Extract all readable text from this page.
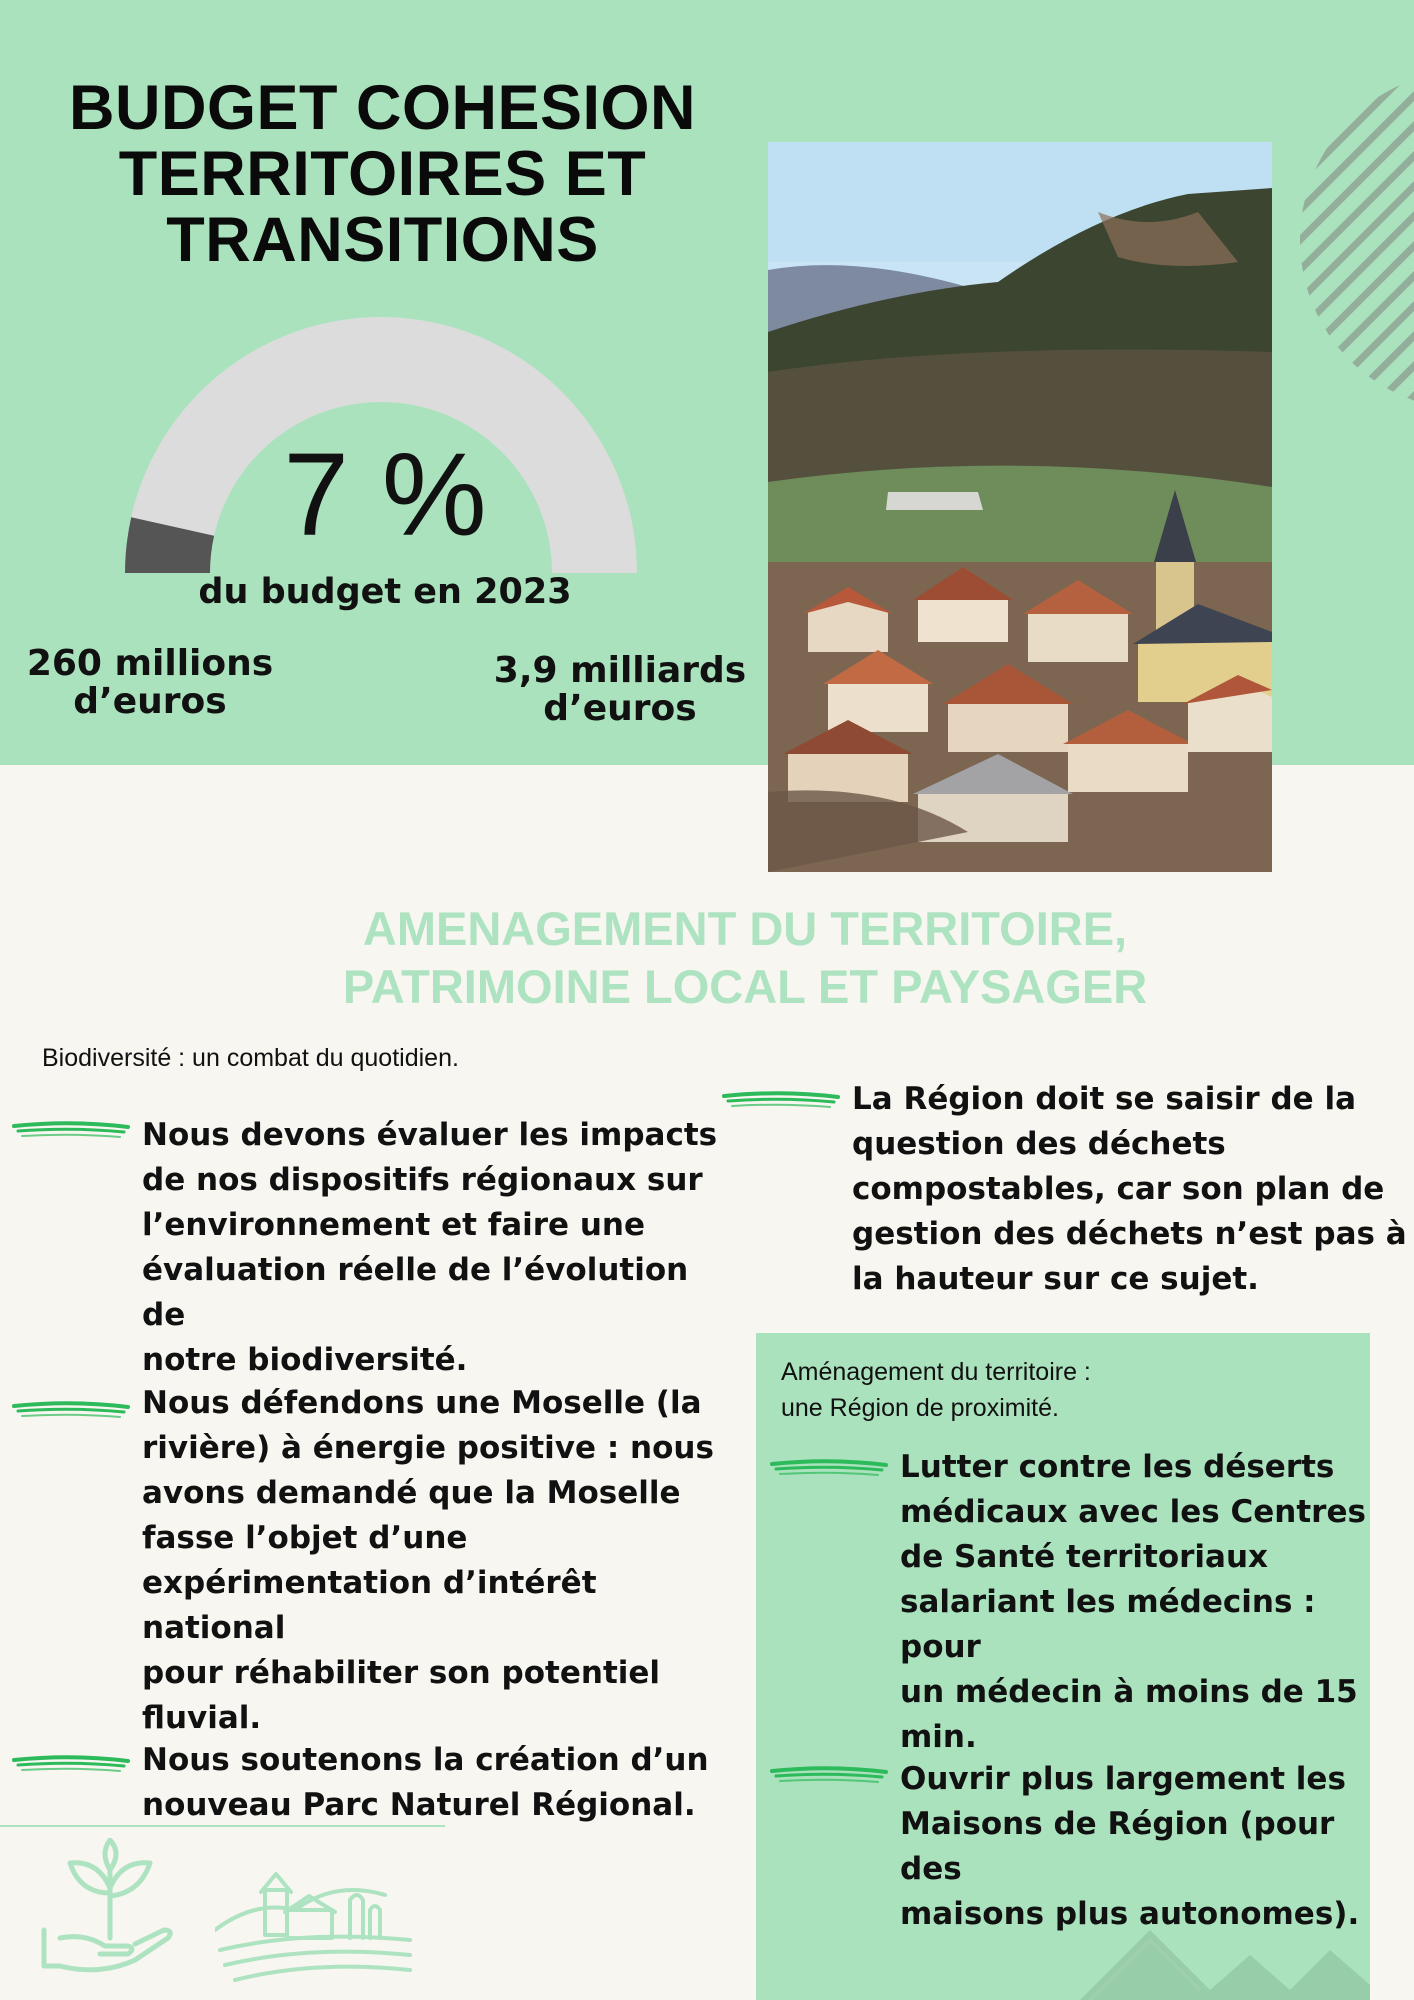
BUDGET COHESION
TERRITOIRES ET
TRANSITIONS
7 %
du budget en 2023
260 millions
d’euros
3,9 milliards
d’euros
AMENAGEMENT DU TERRITOIRE,
PATRIMOINE LOCAL ET PAYSAGER
Biodiversité : un combat du quotidien.
Aménagement du territoire :
une Région de proximité.
Nous devons évaluer les impacts
de nos dispositifs régionaux sur
l’environnement et faire une
évaluation réelle de l’évolution de
notre biodiversité.
Nous défendons une Moselle (la
rivière) à énergie positive : nous
avons demandé que la Moselle
fasse l’objet d’une
expérimentation d’intérêt national
pour réhabiliter son potentiel
fluvial.
Nous soutenons la création d’un
nouveau Parc Naturel Régional.
La Région doit se saisir de la
question des déchets
compostables, car son plan de
gestion des déchets n’est pas à
la hauteur sur ce sujet.
Lutter contre les déserts
médicaux avec les Centres
de Santé territoriaux
salariant les médecins : pour
un médecin à moins de 15
min.
Ouvrir plus largement les
Maisons de Région (pour des
maisons plus autonomes).
